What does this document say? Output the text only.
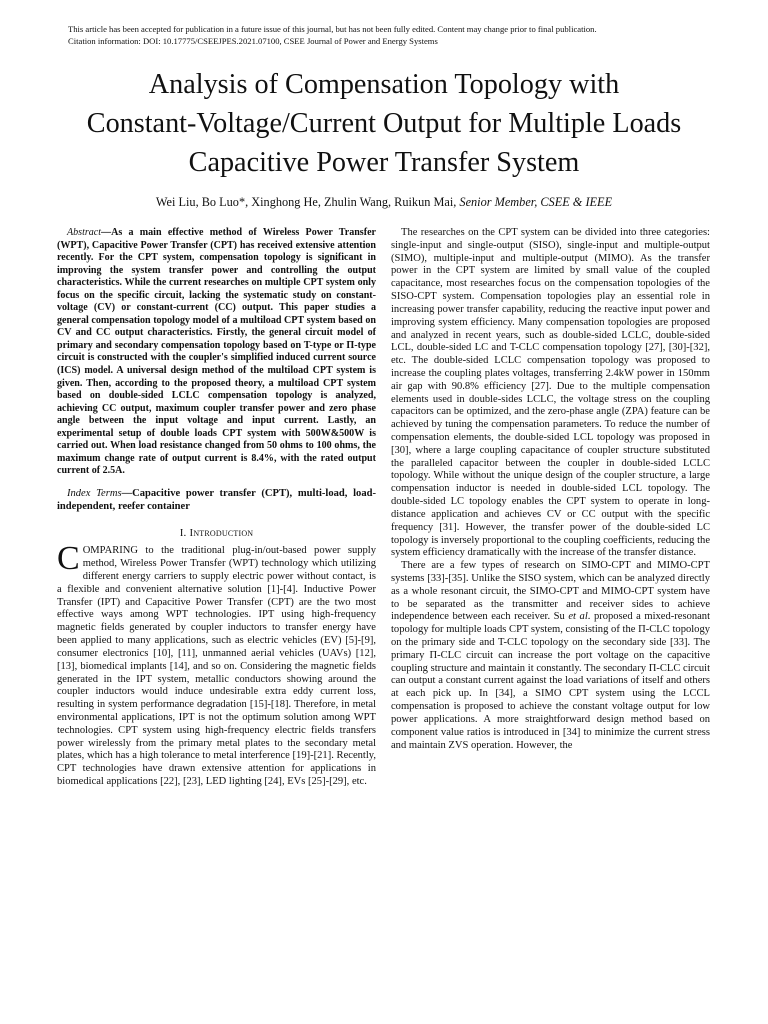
This article has been accepted for publication in a future issue of this journal, but has not been fully edited. Content may change prior to final publication.
Citation information: DOI: 10.17775/CSEEJPES.2021.07100, CSEE Journal of Power and Energy Systems
Analysis of Compensation Topology with
Constant-Voltage/Current Output for Multiple Loads
Capacitive Power Transfer System
Wei Liu, Bo Luo*, Xinghong He, Zhulin Wang, Ruikun Mai, Senior Member, CSEE & IEEE

Abstract—As a main effective method of Wireless Power Transfer (WPT), Capacitive Power Transfer (CPT) has received extensive attention recently. For the CPT system, compensation topology is significant in improving the system transfer power and controlling the output characteristics. While the current researches on multiple CPT system only focus on the specific circuit, lacking the systematic study on constant-voltage (CV) or constant-current (CC) output. This paper studies a general compensation topology model of a multiload CPT system based on CV and CC output characteristics. Firstly, the general circuit model of primary and secondary compensation topology based on T-type or Π-type circuit is constructed with the coupler's simplified induced current source (ICS) model. A universal design method of the multiload CPT system is given. Then, according to the proposed theory, a multiload CPT system based on double-sided LCLC compensation topology is analyzed, achieving CC output, maximum coupler transfer power and zero phase angle between the input voltage and input current. Lastly, an experimental setup of double loads CPT system with 500W&500W is carried out. When load resistance changed from 50 ohms to 100 ohms, the maximum change rate of output current is 8.4%, with the rated output current of 2.5A.

Index Terms—Capacitive power transfer (CPT), multi-load, load-independent, reefer container

I. Introduction

COMPARING to the traditional plug-in/out-based power supply method, Wireless Power Transfer (WPT) technology which utilizing different energy carriers to supply electric power without contact, is a flexible and convenient alternative solution [1]-[4]. Inductive Power Transfer (IPT) and Capacitive Power Transfer (CPT) are the two most effective ways among WPT technologies. IPT using high-frequency magnetic fields generated by coupler inductors to transfer energy have been applied to many applications, such as electric vehicles (EV) [5]-[9], consumer electronics [10], [11], unmanned aerial vehicles (UAVs) [12], [13], biomedical implants [14], and so on. Considering the magnetic fields generated in the IPT system, metallic conductors showing around the coupler inductors would induce undesirable extra eddy current loss, resulting in system performance degradation [15]-[18]. Therefore, in metal environmental applications, IPT is not the optimum solution among WPT technologies. CPT system using high-frequency electric fields transfers power wirelessly from the primary metal plates to the secondary metal plates, which has a high tolerance to metal interference [19]-[21]. Recently, CPT technologies have drawn extensive attention for applications in biomedical applications [22], [23], LED lighting [24], EVs [25]-[29], etc.

The researches on the CPT system can be divided into three categories: single-input and single-output (SISO), single-input and multiple-output (SIMO), multiple-input and multiple-output (MIMO). As the transfer power in the CPT system are limited by small value of the coupled capacitance, most researches focus on the compensation topologies of the SISO-CPT system. Compensation topologies play an essential role in increasing power transfer capability, reducing the reactive input power and improving system efficiency. Many compensation topologies are proposed and analyzed in recent years, such as double-sided LCLC, double-sided LCL, double-sided LC and T-CLC compensation topology [27], [30]-[32], etc. The double-sided LCLC compensation topology was proposed to increase the coupling plates voltages, transferring 2.4kW power in 150mm air gap with 90.8% efficiency [27]. Due to the multiple compensation elements used in double-sides LCLC, the voltage stress on the coupling capacitors can be optimized, and the zero-phase angle (ZPA) feature can be achieved by tuning the compensation parameters. To reduce the number of compensation elements, the double-sided LCL topology was proposed in [30], where a large coupling capacitance of coupler structure substituted the paralleled capacitor between the coupler in double-sided LCLC topology. While without the unique design of the coupler structure, a large compensation inductor is needed in double-sided LCL topology. The double-sided LC topology enables the CPT system to operate in long-distance application and achieves CV or CC output with the specific frequency [31]. However, the transfer power of the double-sided LC topology is inversely proportional to the coupling coefficients, reducing the system efficiency dramatically with the increase of the transfer distance.

There are a few types of research on SIMO-CPT and MIMO-CPT systems [33]-[35]. Unlike the SISO system, which can be analyzed directly as a whole resonant circuit, the SIMO-CPT and MIMO-CPT system have to be separated as the transmitter and receiver sides to achieve independence between each receiver. Su et al. proposed a mixed-resonant topology for multiple loads CPT system, consisting of the Π-CLC topology on the primary side and T-CLC topology on the secondary side [33]. The primary Π-CLC circuit can increase the port voltage on the capacitive coupling structure and maintain it constantly. The secondary Π-CLC circuit can output a constant current against the load variations of itself and others at each pick up. In [34], a SIMO CPT system using the LCCL compensation is proposed to achieve the constant voltage output for low power applications. A more straightforward design method based on component value ratios is introduced in [34] to minimize the current stress and maintain ZVS operation. However, the
